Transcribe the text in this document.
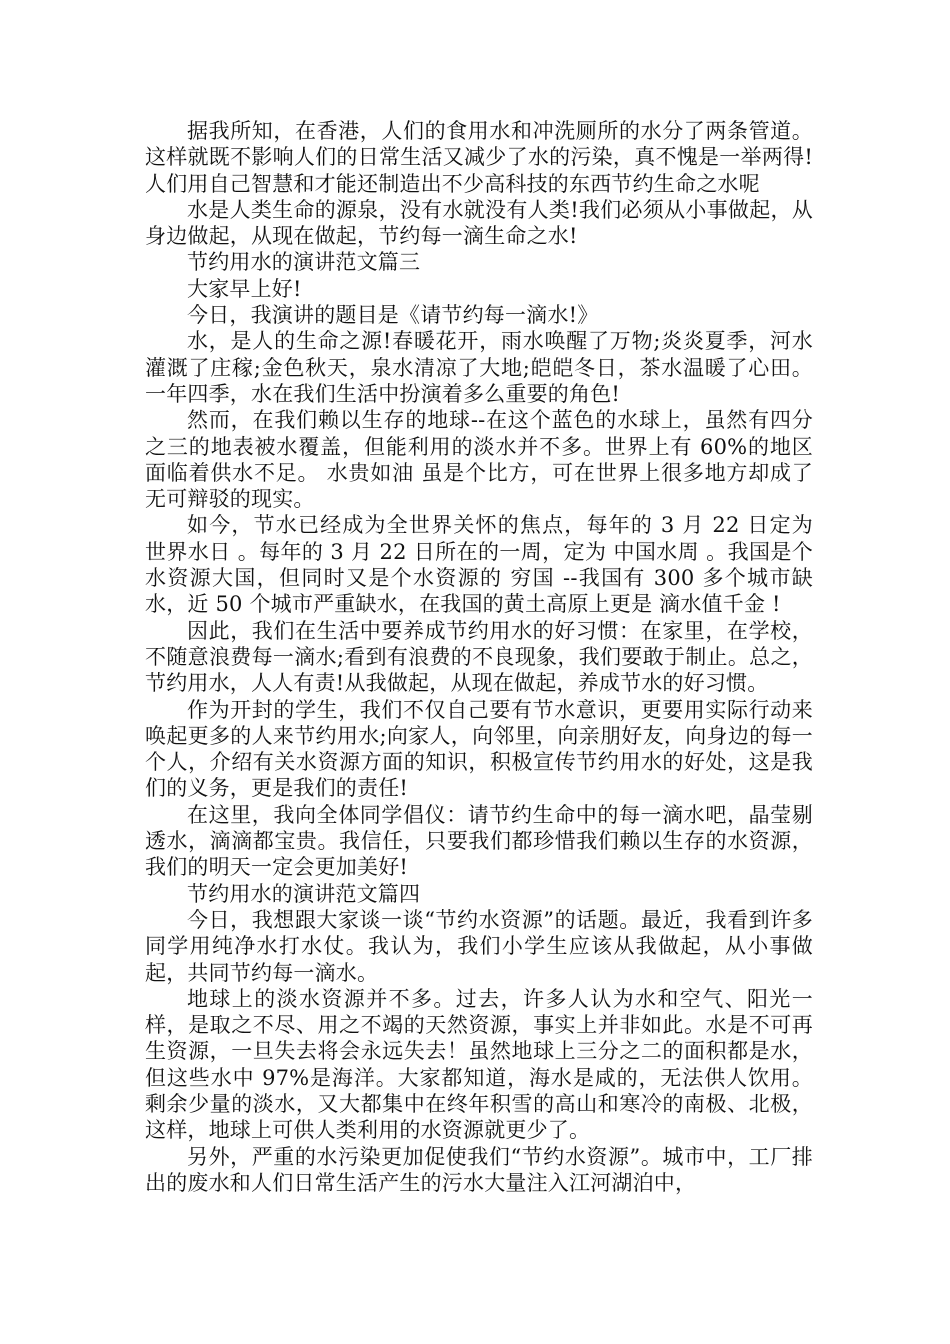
据我所知，在香港，人们的食用水和冲洗厕所的水分了两条管道。这样就既不影响人们的日常生活又减少了水的污染，真不愧是一举两得!人们用自己智慧和才能还制造出不少高科技的东西节约生命之水呢

水是人类生命的源泉，没有水就没有人类!我们必须从小事做起，从身边做起，从现在做起，节约每一滴生命之水!

节约用水的演讲范文篇三

大家早上好!

今日，我演讲的题目是《请节约每一滴水!》

水，是人的生命之源!春暖花开，雨水唤醒了万物;炎炎夏季，河水灌溉了庄稼;金色秋天，泉水清凉了大地;皑皑冬日，茶水温暖了心田。一年四季，水在我们生活中扮演着多么重要的角色!

然而，在我们赖以生存的地球--在这个蓝色的水球上，虽然有四分之三的地表被水覆盖，但能利用的淡水并不多。世界上有 60%的地区面临着供水不足。 水贵如油 虽是个比方，可在世界上很多地方却成了无可辩驳的现实。

如今，节水已经成为全世界关怀的焦点，每年的 3 月 22 日定为 世界水日 。每年的 3 月 22 日所在的一周，定为 中国水周 。我国是个水资源大国，但同时又是个水资源的 穷国 --我国有 300 多个城市缺水，近 50 个城市严重缺水，在我国的黄土高原上更是 滴水值千金 !

因此，我们在生活中要养成节约用水的好习惯：在家里，在学校，不随意浪费每一滴水;看到有浪费的不良现象，我们要敢于制止。总之，节约用水，人人有责!从我做起，从现在做起，养成节水的好习惯。

作为开封的学生，我们不仅自己要有节水意识，更要用实际行动来唤起更多的人来节约用水;向家人，向邻里，向亲朋好友，向身边的每一个人，介绍有关水资源方面的知识，积极宣传节约用水的好处，这是我们的义务，更是我们的责任!

在这里，我向全体同学倡仪：请节约生命中的每一滴水吧，晶莹剔透水，滴滴都宝贵。我信任，只要我们都珍惜我们赖以生存的水资源，我们的明天一定会更加美好!

节约用水的演讲范文篇四

今日，我想跟大家谈一谈“节约水资源”的话题。最近，我看到许多同学用纯净水打水仗。我认为，我们小学生应该从我做起，从小事做起，共同节约每一滴水。

地球上的淡水资源并不多。过去，许多人认为水和空气、阳光一样，是取之不尽、用之不竭的天然资源，事实上并非如此。水是不可再生资源，一旦失去将会永远失去！虽然地球上三分之二的面积都是水，但这些水中 97%是海洋。大家都知道，海水是咸的，无法供人饮用。剩余少量的淡水，又大都集中在终年积雪的高山和寒冷的南极、北极，这样，地球上可供人类利用的水资源就更少了。

另外，严重的水污染更加促使我们“节约水资源”。城市中，工厂排出的废水和人们日常生活产生的污水大量注入江河湖泊中，
